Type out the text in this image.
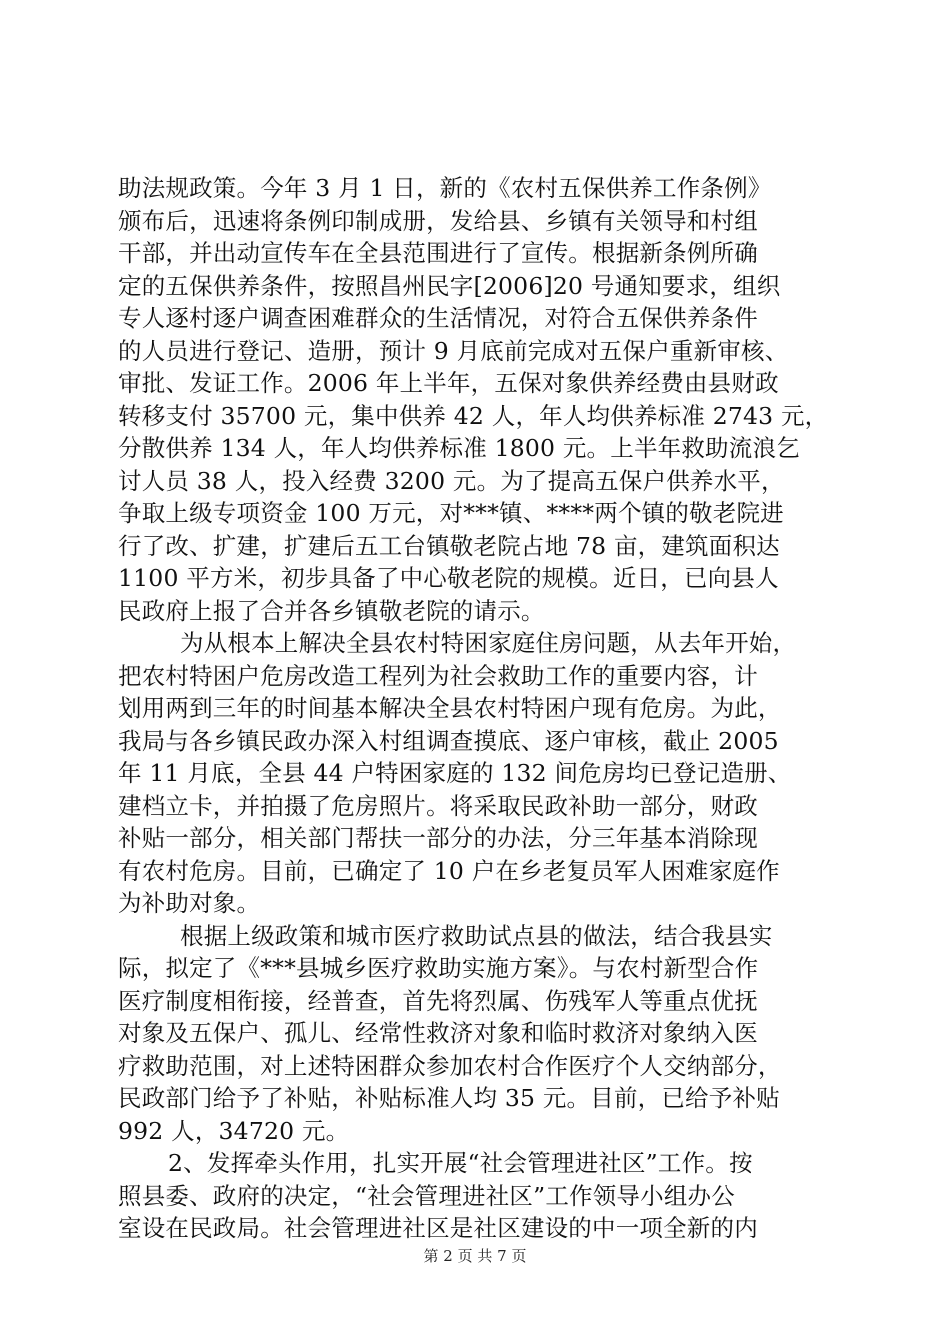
助法规政策。今年 3 月 1 日，新的《农村五保供养工作条例》
颁布后，迅速将条例印制成册，发给县、乡镇有关领导和村组
干部，并出动宣传车在全县范围进行了宣传。根据新条例所确
定的五保供养条件，按照昌州民字[2006]20 号通知要求，组织
专人逐村逐户调查困难群众的生活情况，对符合五保供养条件
的人员进行登记、造册，预计 9 月底前完成对五保户重新审核、
审批、发证工作。2006 年上半年，五保对象供养经费由县财政
转移支付 35700 元，集中供养 42 人，年人均供养标准 2743 元，
分散供养 134 人，年人均供养标准 1800 元。上半年救助流浪乞
讨人员 38 人，投入经费 3200 元。为了提高五保户供养水平，
争取上级专项资金 100 万元，对***镇、****两个镇的敬老院进
行了改、扩建，扩建后五工台镇敬老院占地 78 亩，建筑面积达
1100 平方米，初步具备了中心敬老院的规模。近日，已向县人
民政府上报了合并各乡镇敬老院的请示。
为从根本上解决全县农村特困家庭住房问题，从去年开始，
把农村特困户危房改造工程列为社会救助工作的重要内容，计
划用两到三年的时间基本解决全县农村特困户现有危房。为此，
我局与各乡镇民政办深入村组调查摸底、逐户审核，截止 2005
年 11 月底，全县 44 户特困家庭的 132 间危房均已登记造册、
建档立卡，并拍摄了危房照片。将采取民政补助一部分，财政
补贴一部分，相关部门帮扶一部分的办法，分三年基本消除现
有农村危房。目前，已确定了 10 户在乡老复员军人困难家庭作
为补助对象。
根据上级政策和城市医疗救助试点县的做法，结合我县实
际，拟定了《***县城乡医疗救助实施方案》。与农村新型合作
医疗制度相衔接，经普查，首先将烈属、伤残军人等重点优抚
对象及五保户、孤儿、经常性救济对象和临时救济对象纳入医
疗救助范围，对上述特困群众参加农村合作医疗个人交纳部分，
民政部门给予了补贴，补贴标准人均 35 元。目前，已给予补贴
992 人，34720 元。
2、发挥牵头作用，扎实开展“社会管理进社区”工作。按
照县委、政府的决定，“社会管理进社区”工作领导小组办公
室设在民政局。社会管理进社区是社区建设的中一项全新的内
第 2 页 共 7 页
